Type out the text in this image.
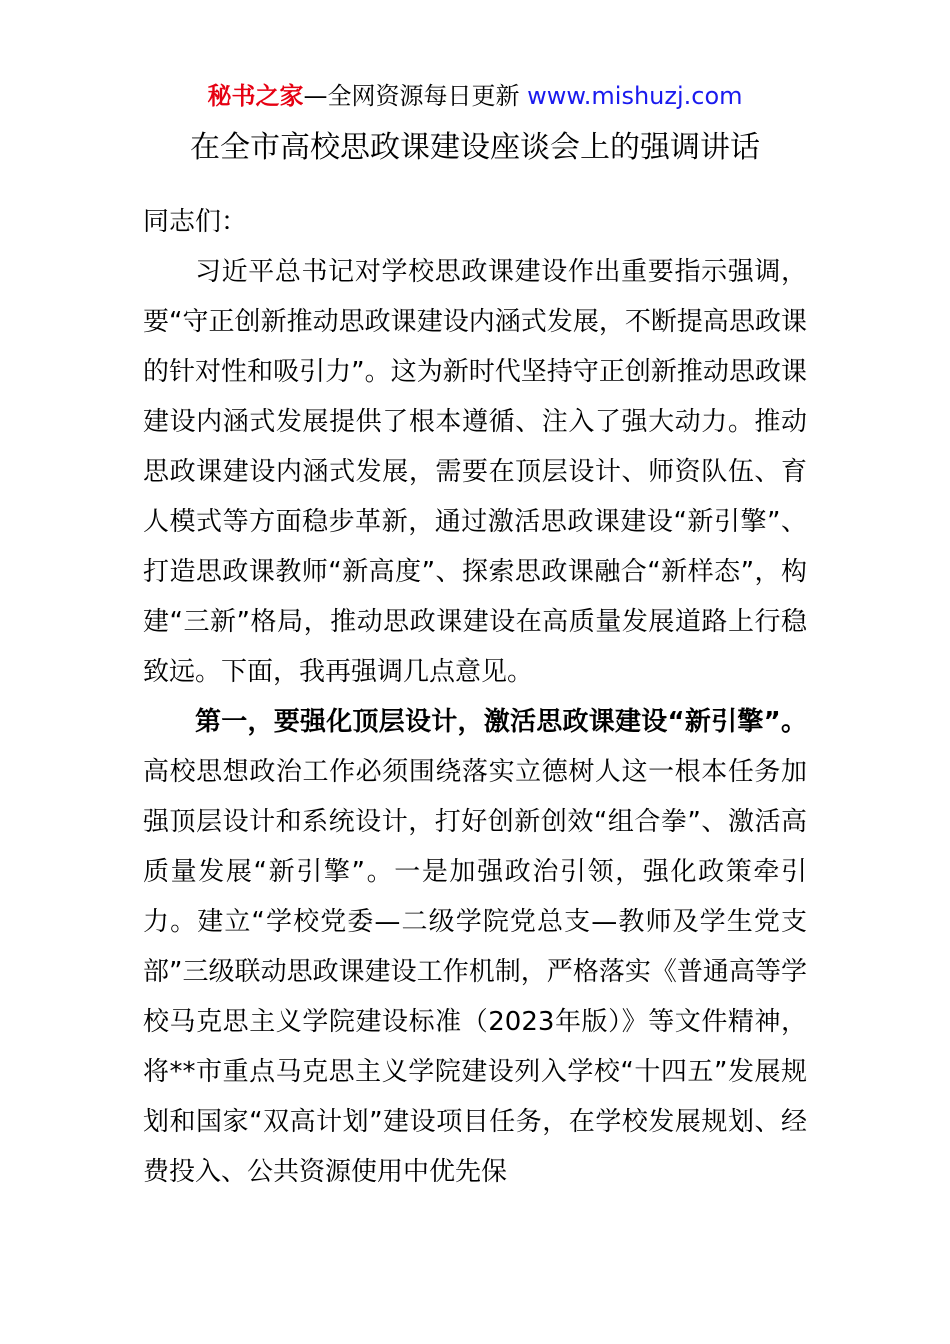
秘书之家—全网资源每日更新 www.mishuzj.com
在全市高校思政课建设座谈会上的强调讲话

同志们：

习近平总书记对学校思政课建设作出重要指示强调，要“守正创新推动思政课建设内涵式发展，不断提高思政课的针对性和吸引力”。这为新时代坚持守正创新推动思政课建设内涵式发展提供了根本遵循、注入了强大动力。推动思政课建设内涵式发展，需要在顶层设计、师资队伍、育人模式等方面稳步革新，通过激活思政课建设“新引擎”、打造思政课教师“新高度”、探索思政课融合“新样态”，构建“三新”格局，推动思政课建设在高质量发展道路上行稳致远。下面，我再强调几点意见。

第一，要强化顶层设计，激活思政课建设“新引擎”。高校思想政治工作必须围绕落实立德树人这一根本任务加强顶层设计和系统设计，打好创新创效“组合拳”、激活高质量发展“新引擎”。一是加强政治引领，强化政策牵引力。建立“学校党委—二级学院党总支—教师及学生党支部”三级联动思政课建设工作机制，严格落实《普通高等学校马克思主义学院建设标准（2023年版）》等文件精神，将**市重点马克思主义学院建设列入学校“十四五”发展规划和国家“双高计划”建设项目任务，在学校发展规划、经费投入、公共资源使用中优先保
